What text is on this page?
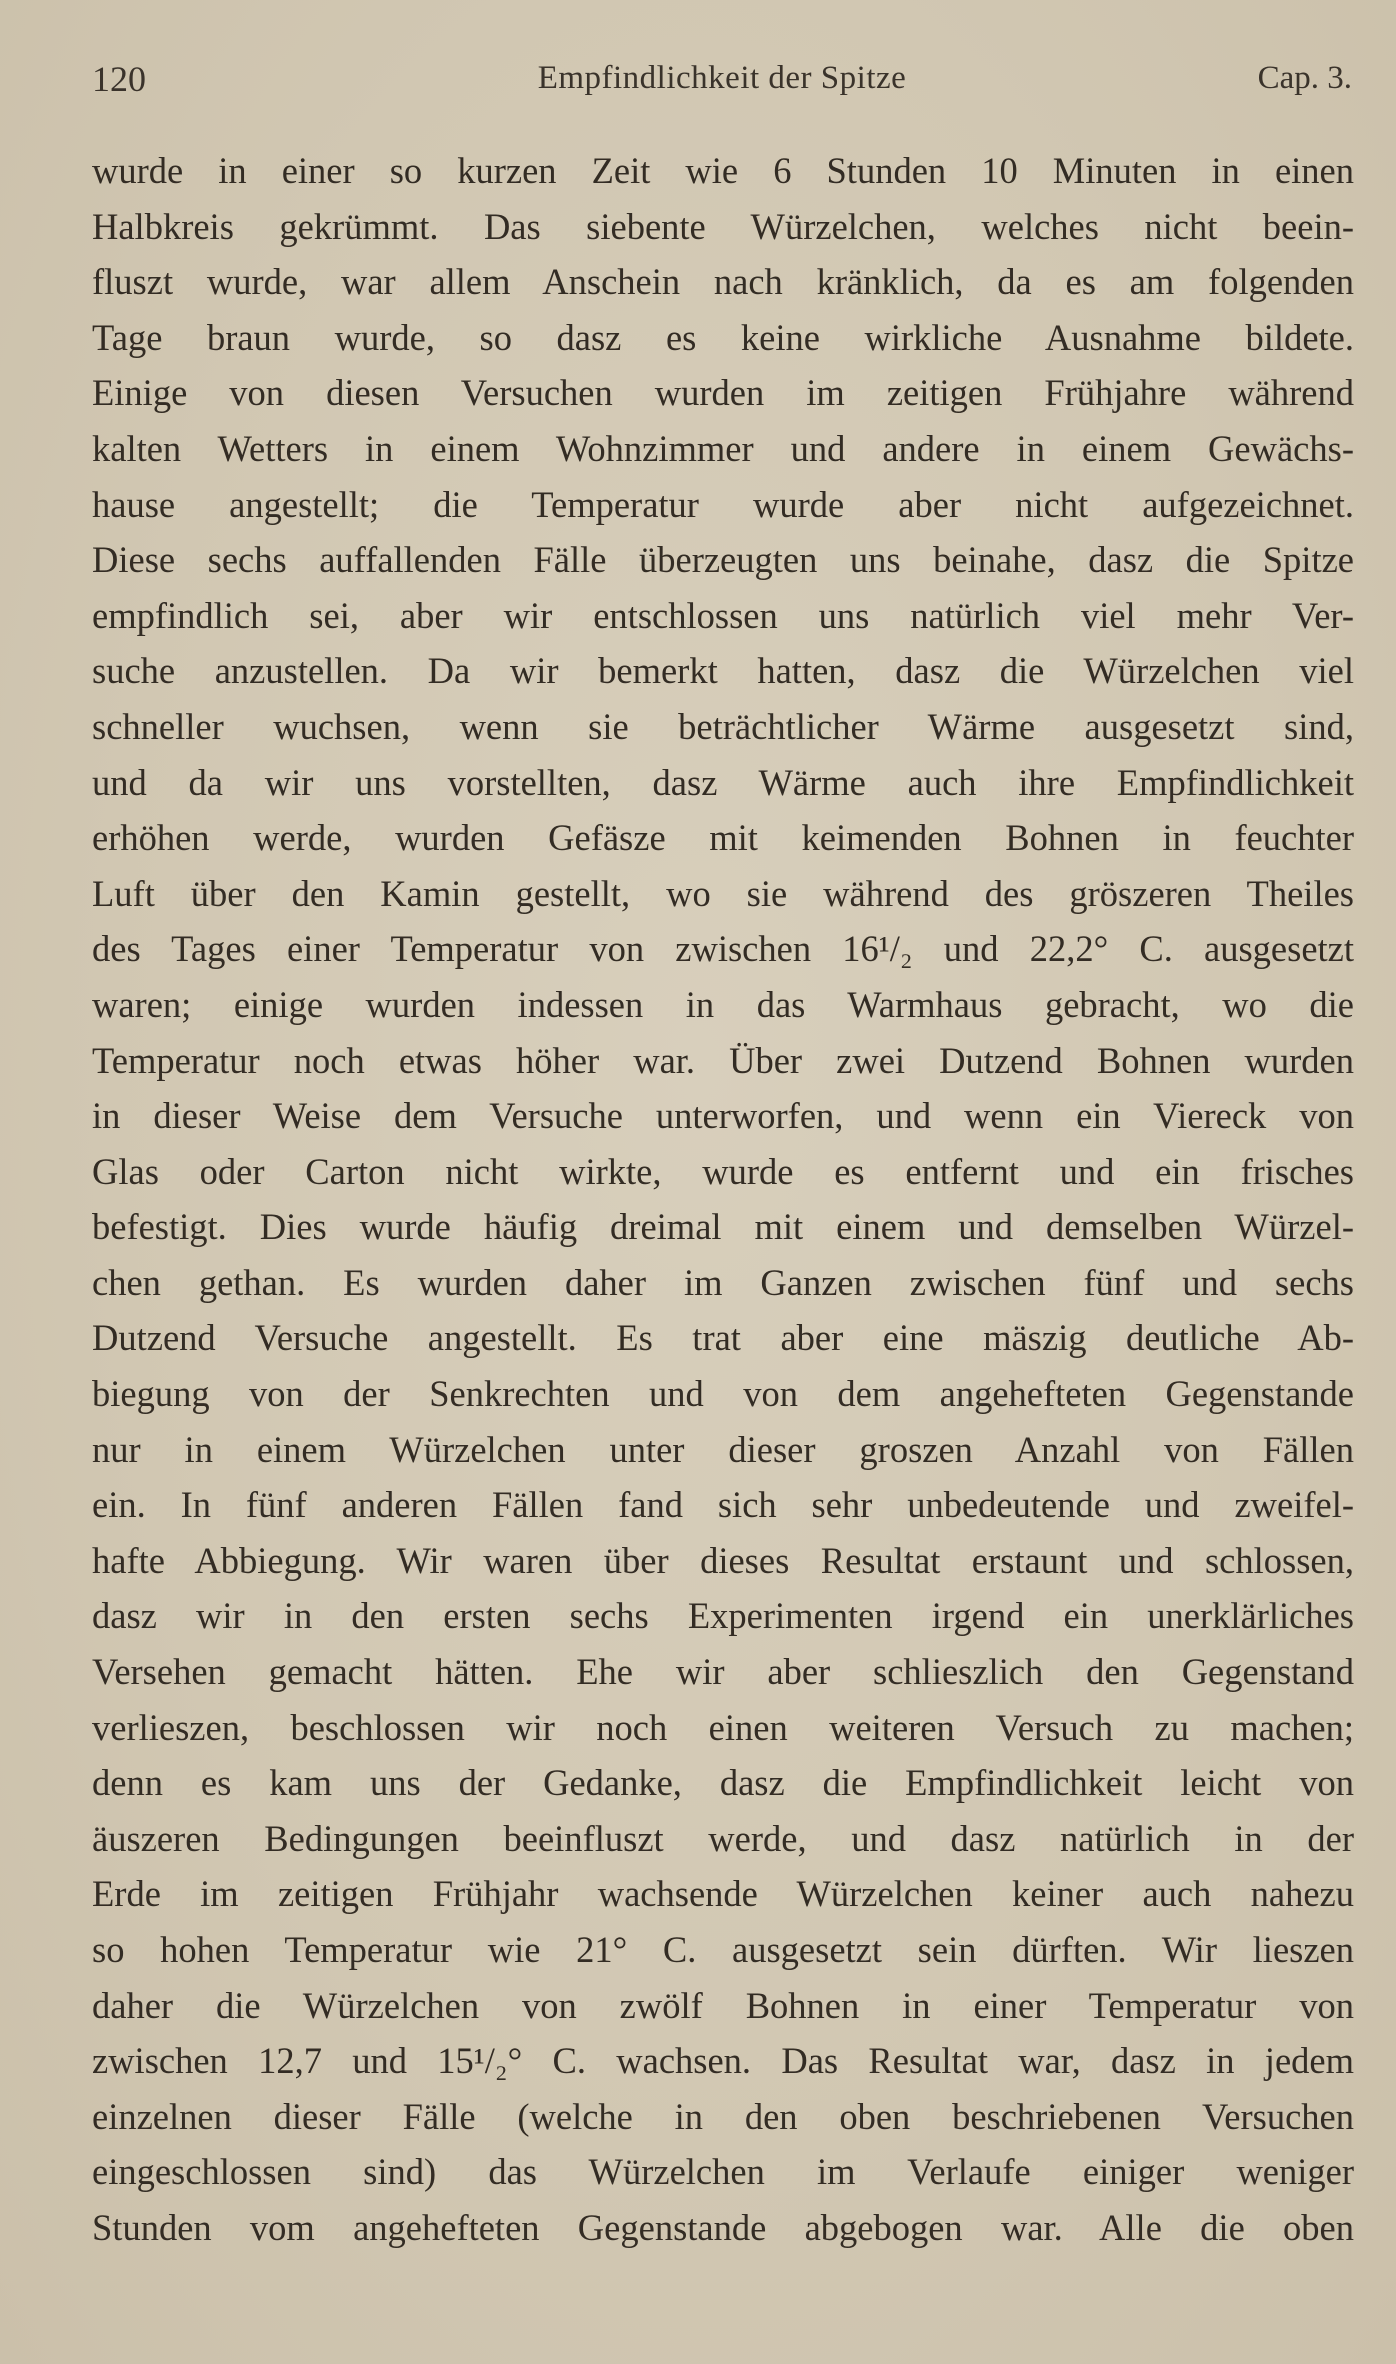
120	Empfindlichkeit der Spitze	Cap. 3.
wurde in einer so kurzen Zeit wie 6 Stunden 10 Minuten in einen
Halbkreis gekrümmt. Das siebente Würzelchen, welches nicht beein-
fluszt wurde, war allem Anschein nach kränklich, da es am folgenden
Tage braun wurde, so dasz es keine wirkliche Ausnahme bildete.
Einige von diesen Versuchen wurden im zeitigen Frühjahre während
kalten Wetters in einem Wohnzimmer und andere in einem Gewächs-
hause angestellt; die Temperatur wurde aber nicht aufgezeichnet.
Diese sechs auffallenden Fälle überzeugten uns beinahe, dasz die Spitze
empfindlich sei, aber wir entschlossen uns natürlich viel mehr Ver-
suche anzustellen. Da wir bemerkt hatten, dasz die Würzelchen viel
schneller wuchsen, wenn sie beträchtlicher Wärme ausgesetzt sind,
und da wir uns vorstellten, dasz Wärme auch ihre Empfindlichkeit
erhöhen werde, wurden Gefäsze mit keimenden Bohnen in feuchter
Luft über den Kamin gestellt, wo sie während des gröszeren Theiles
des Tages einer Temperatur von zwischen 16¹/₂ und 22,2° C. ausgesetzt
waren; einige wurden indessen in das Warmhaus gebracht, wo die
Temperatur noch etwas höher war. Über zwei Dutzend Bohnen wurden
in dieser Weise dem Versuche unterworfen, und wenn ein Viereck von
Glas oder Carton nicht wirkte, wurde es entfernt und ein frisches
befestigt. Dies wurde häufig dreimal mit einem und demselben Würzel-
chen gethan. Es wurden daher im Ganzen zwischen fünf und sechs
Dutzend Versuche angestellt. Es trat aber eine mäszig deutliche Ab-
biegung von der Senkrechten und von dem angehefteten Gegenstande
nur in einem Würzelchen unter dieser groszen Anzahl von Fällen
ein. In fünf anderen Fällen fand sich sehr unbedeutende und zweifel-
hafte Abbiegung. Wir waren über dieses Resultat erstaunt und schlossen,
dasz wir in den ersten sechs Experimenten irgend ein unerklärliches
Versehen gemacht hätten. Ehe wir aber schlieszlich den Gegenstand
verlieszen, beschlossen wir noch einen weiteren Versuch zu machen;
denn es kam uns der Gedanke, dasz die Empfindlichkeit leicht von
äuszeren Bedingungen beeinfluszt werde, und dasz natürlich in der
Erde im zeitigen Frühjahr wachsende Würzelchen keiner auch nahezu
so hohen Temperatur wie 21° C. ausgesetzt sein dürften. Wir lieszen
daher die Würzelchen von zwölf Bohnen in einer Temperatur von
zwischen 12,7 und 15¹/₂° C. wachsen. Das Resultat war, dasz in jedem
einzelnen dieser Fälle (welche in den oben beschriebenen Versuchen
eingeschlossen sind) das Würzelchen im Verlaufe einiger weniger
Stunden vom angehefteten Gegenstande abgebogen war. Alle die oben
